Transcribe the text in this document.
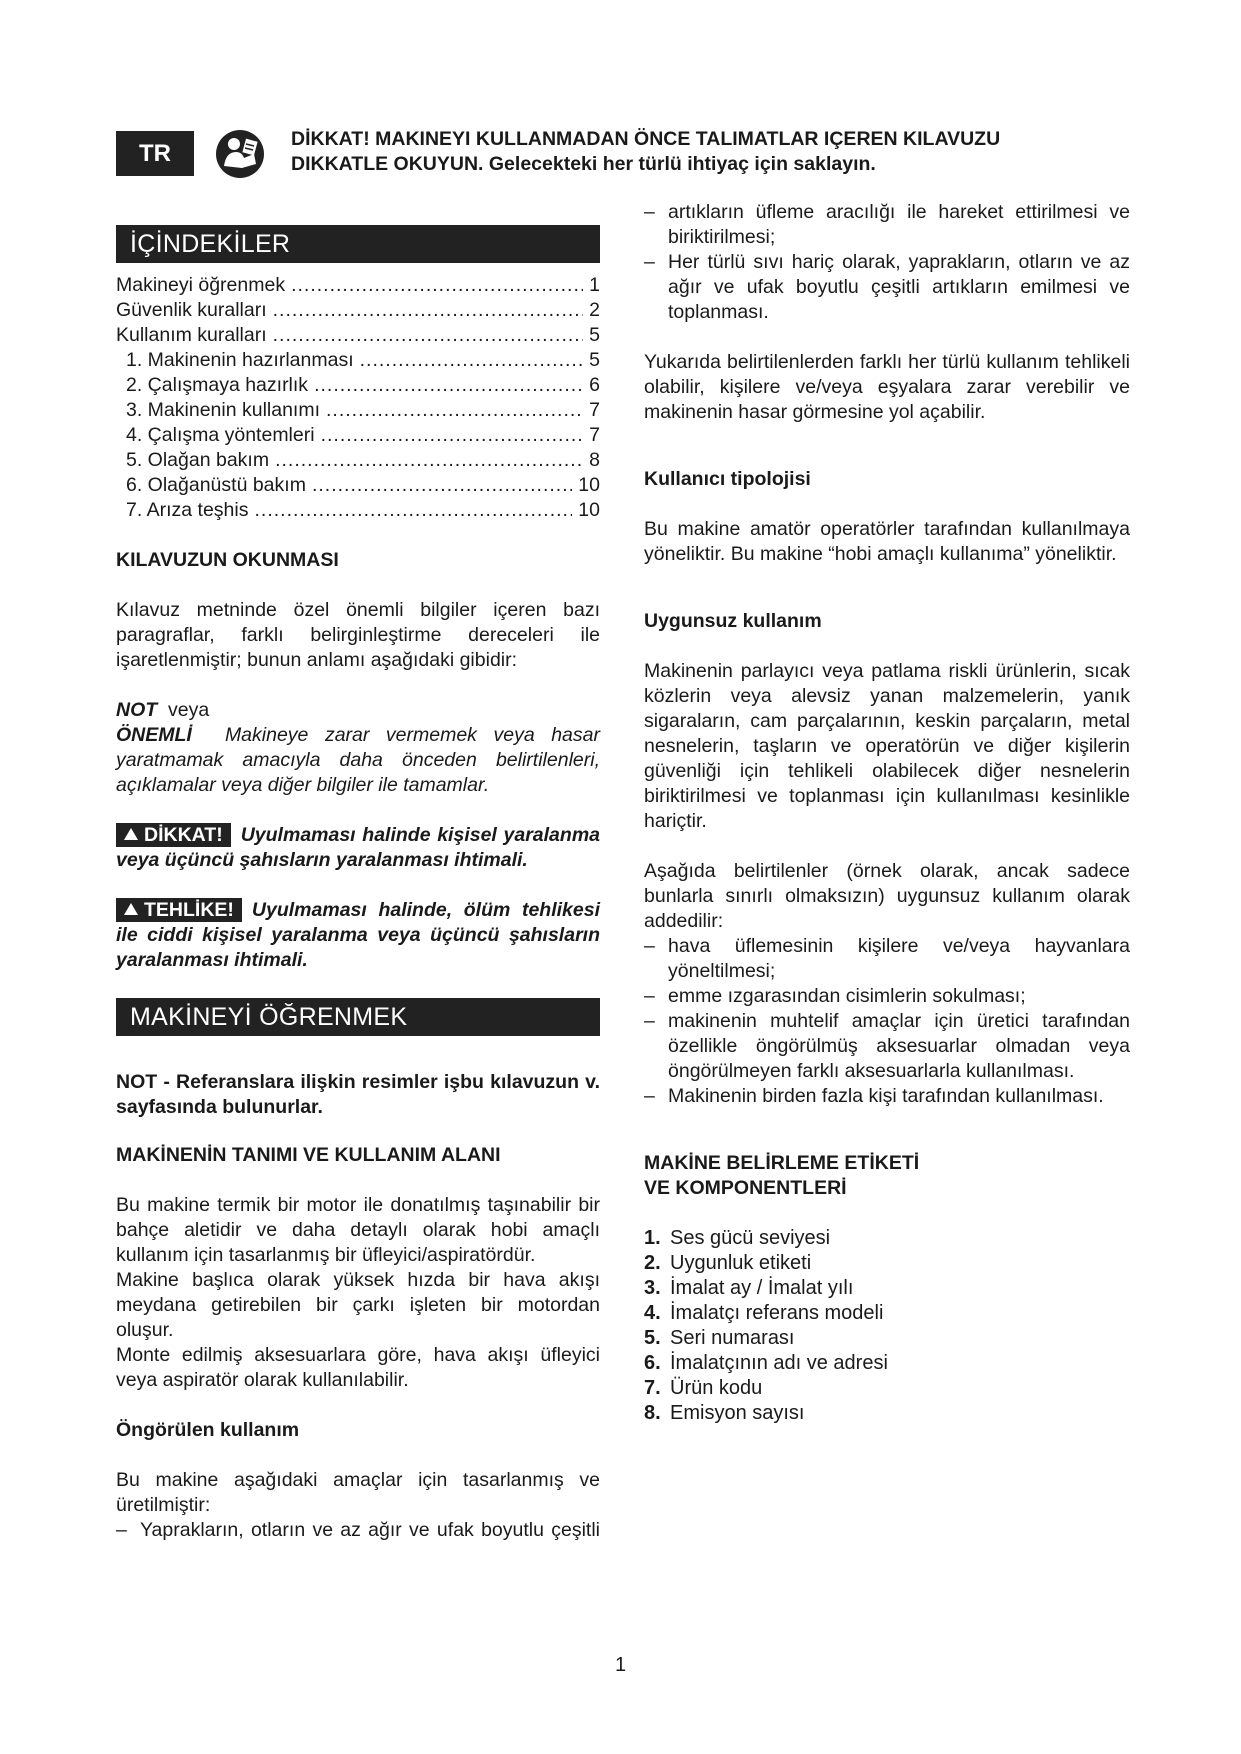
TR
DİKKAT! MAKINEYI KULLANMADAN ÖNCE TALIMATLAR IÇEREN KILAVUZU
DIKKATLE OKUYUN. Gelecekteki her türlü ihtiyaç için saklayın.
İÇİNDEKİLER
Makineyi öğrenmek .....	1
Güvenlik kuralları .....	2
Kullanım kuralları .....	5
1. Makinenin hazırlanması .....	5
2. Çalışmaya hazırlık .....	6
3. Makinenin kullanımı .....	7
4. Çalışma yöntemleri .....	7
5. Olağan bakım .....	8
6. Olağanüstü bakım .....	10
7. Arıza teşhis .....	10
KILAVUZUN OKUNMASI

Kılavuz metninde özel önemli bilgiler içeren bazı paragraflar, farklı belirginleştirme dereceleri ile işaretlenmiştir; bunun anlamı aşağıdaki gibidir:

NOT veya

ÖNEMLİ Makineye zarar vermemek veya hasar yaratmamak amacıyla daha önceden belirtilenleri, açıklamalar veya diğer bilgiler ile tamamlar.

DİKKAT! Uyulmaması halinde kişisel yaralanma veya üçüncü şahısların yaralanması ihtimali.

TEHLİKE! Uyulmaması halinde, ölüm tehlikesi ile ciddi kişisel yaralanma veya üçüncü şahısların yaralanması ihtimali.

MAKİNEYİ ÖĞRENMEK

NOT - Referanslara ilişkin resimler işbu kılavuzun v. sayfasında bulunurlar.

MAKİNENİN TANIMI VE KULLANIM ALANI

Bu makine termik bir motor ile donatılmış taşınabilir bir bahçe aletidir ve daha detaylı olarak hobi amaçlı kullanım için tasarlanmış bir üfleyici/aspiratördür.

Makine başlıca olarak yüksek hızda bir hava akışı meydana getirebilen bir çarkı işleten bir motordan oluşur.

Monte edilmiş aksesuarlara göre, hava akışı üfleyici veya aspiratör olarak kullanılabilir.

Öngörülen kullanım

Bu makine aşağıdaki amaçlar için tasarlanmış ve üretilmiştir:

– Yaprakların, otların ve az ağır ve ufak boyutlu çeşitli
– artıkların üfleme aracılığı ile hareket ettirilmesi ve biriktirilmesi;
– Her türlü sıvı hariç olarak, yaprakların, otların ve az ağır ve ufak boyutlu çeşitli artıkların emilmesi ve toplanması.

Yukarıda belirtilenlerden farklı her türlü kullanım tehlikeli olabilir, kişilere ve/veya eşyalara zarar verebilir ve makinenin hasar görmesine yol açabilir.

Kullanıcı tipolojisi

Bu makine amatör operatörler tarafından kullanılmaya yöneliktir. Bu makine “hobi amaçlı kullanıma” yöneliktir.

Uygunsuz kullanım

Makinenin parlayıcı veya patlama riskli ürünlerin, sıcak közlerin veya alevsiz yanan malzemelerin, yanık sigaraların, cam parçalarının, keskin parçaların, metal nesnelerin, taşların ve operatörün ve diğer kişilerin güvenliği için tehlikeli olabilecek diğer nesnelerin biriktirilmesi ve toplanması için kullanılması kesinlikle hariçtir.

Aşağıda belirtilenler (örnek olarak, ancak sadece bunlarla sınırlı olmaksızın) uygunsuz kullanım olarak addedilir:

– hava üflemesinin kişilere ve/veya hayvanlara yöneltilmesi;
– emme ızgarasından cisimlerin sokulması;
– makinenin muhtelif amaçlar için üretici tarafından özellikle öngörülmüş aksesuarlar olmadan veya öngörülmeyen farklı aksesuarlarla kullanılması.
– Makinenin birden fazla kişi tarafından kullanılması.
MAKİNE BELİRLEME ETİKETİ
VE KOMPONENTLERİ
1. Ses gücü seviyesi
2. Uygunluk etiketi
3. İmalat ay / İmalat yılı
4. İmalatçı referans modeli
5. Seri numarası
6. İmalatçının adı ve adresi
7. Ürün kodu
8. Emisyon sayısı
1
